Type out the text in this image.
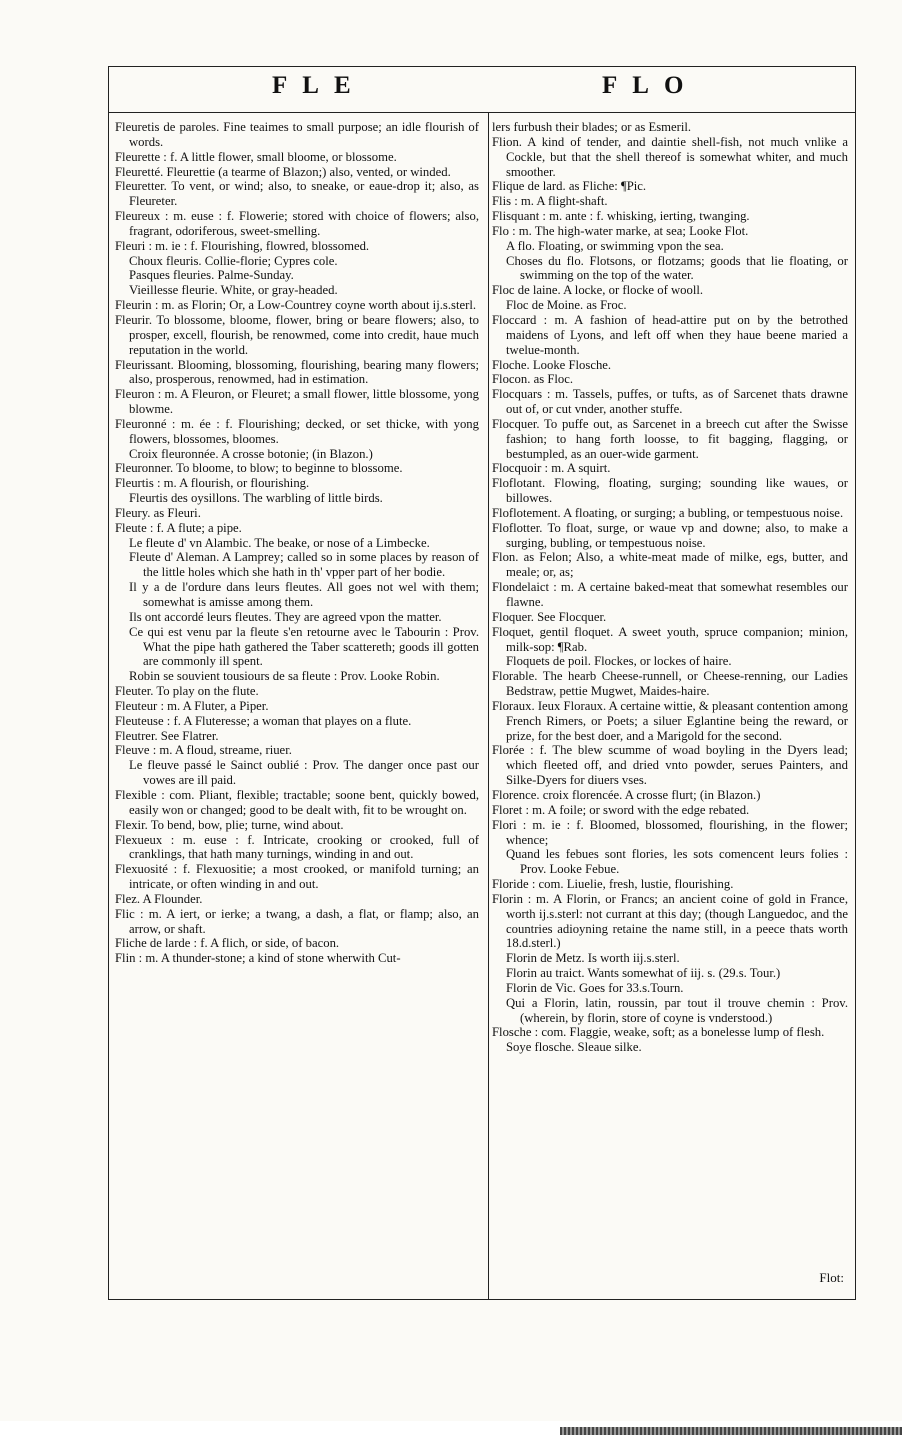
FLE	FLO

Fleuretis de paroles. Fine teaimes to small purpose; an idle flourish of words.

Fleurette : f. A little flower, small bloome, or blossome.

Fleuretté. Fleurettie (a tearme of Blazon;) also, vented, or winded.

Fleuretter. To vent, or wind; also, to sneake, or eaue-drop it; also, as Fleureter.

Fleureux : m. euse : f. Flowerie; stored with choice of flowers; also, fragrant, odoriferous, sweet-smelling.

Fleuri : m. ie : f. Flourishing, flowred, blossomed.

Choux fleuris. Collie-florie; Cypres cole.

Pasques fleuries. Palme-Sunday.

Vieillesse fleurie. White, or gray-headed.

Fleurin : m. as Florin; Or, a Low-Countrey coyne worth about ij.s.sterl.

Fleurir. To blossome, bloome, flower, bring or beare flowers; also, to prosper, excell, flourish, be renowmed, come into credit, haue much reputation in the world.

Fleurissant. Blooming, blossoming, flourishing, bearing many flowers; also, prosperous, renowmed, had in estimation.

Fleuron : m. A Fleuron, or Fleuret; a small flower, little blossome, yong blowme.

Fleuronné : m. ée : f. Flourishing; decked, or set thicke, with yong flowers, blossomes, bloomes.

Croix fleuronnée. A crosse botonie; (in Blazon.)

Fleuronner. To bloome, to blow; to beginne to blossome.

Fleurtis : m. A flourish, or flourishing.

Fleurtis des oysillons. The warbling of little birds.

Fleury. as Fleuri.

Fleute : f. A flute; a pipe.

Le fleute d' vn Alambic. The beake, or nose of a Limbecke.

Fleute d' Aleman. A Lamprey; called so in some places by reason of the little holes which she hath in th' vpper part of her bodie.

Il y a de l'ordure dans leurs fleutes. All goes not wel with them; somewhat is amisse among them.

Ils ont accordé leurs fleutes. They are agreed vpon the matter.

Ce qui est venu par la fleute s'en retourne avec le Tabourin : Prov. What the pipe hath gathered the Taber scattereth; goods ill gotten are commonly ill spent.

Robin se souvient tousiours de sa fleute : Prov. Looke Robin.

Fleuter. To play on the flute.

Fleuteur : m. A Fluter, a Piper.

Fleuteuse : f. A Fluteresse; a woman that playes on a flute.

Fleutrer. See Flatrer.

Fleuve : m. A floud, streame, riuer.

Le fleuve passé le Sainct oublié : Prov. The danger once past our vowes are ill paid.

Flexible : com. Pliant, flexible; tractable; soone bent, quickly bowed, easily won or changed; good to be dealt with, fit to be wrought on.

Flexir. To bend, bow, plie; turne, wind about.

Flexueux : m. euse : f. Intricate, crooking or crooked, full of cranklings, that hath many turnings, winding in and out.

Flexuosité : f. Flexuositie; a most crooked, or manifold turning; an intricate, or often winding in and out.

Flez. A Flounder.

Flic : m. A iert, or ierke; a twang, a dash, a flat, or flamp; also, an arrow, or shaft.

Fliche de larde : f. A flich, or side, of bacon.

Flin : m. A thunder-stone; a kind of stone wherwith Cut-

lers furbush their blades; or as Esmeril.

Flion. A kind of tender, and daintie shell-fish, not much vnlike a Cockle, but that the shell thereof is somewhat whiter, and much smoother.

Flique de lard. as Fliche: ¶Pic.

Flis : m. A flight-shaft.

Flisquant : m. ante : f. whisking, ierting, twanging.

Flo : m. The high-water marke, at sea; Looke Flot.

A flo. Floating, or swimming vpon the sea.

Choses du flo. Flotsons, or flotzams; goods that lie floating, or swimming on the top of the water.

Floc de laine. A locke, or flocke of wooll.

Floc de Moine. as Froc.

Floccard : m. A fashion of head-attire put on by the betrothed maidens of Lyons, and left off when they haue beene maried a twelue-month.

Floche. Looke Flosche.

Flocon. as Floc.

Flocquars : m. Tassels, puffes, or tufts, as of Sarcenet thats drawne out of, or cut vnder, another stuffe.

Flocquer. To puffe out, as Sarcenet in a breech cut after the Swisse fashion; to hang forth loosse, to fit bagging, flagging, or bestumpled, as an ouer-wide garment.

Flocquoir : m. A squirt.

Floflotant. Flowing, floating, surging; sounding like waues, or billowes.

Floflotement. A floating, or surging; a bubling, or tempestuous noise.

Floflotter. To float, surge, or waue vp and downe; also, to make a surging, bubling, or tempestuous noise.

Flon. as Felon; Also, a white-meat made of milke, egs, butter, and meale; or, as;

Flondelaict : m. A certaine baked-meat that somewhat resembles our flawne.

Floquer. See Flocquer.

Floquet, gentil floquet. A sweet youth, spruce companion; minion, milk-sop: ¶Rab.

Floquets de poil. Flockes, or lockes of haire.

Florable. The hearb Cheese-runnell, or Cheese-renning, our Ladies Bedstraw, pettie Mugwet, Maides-haire.

Floraux. Ieux Floraux. A certaine wittie, & pleasant contention among French Rimers, or Poets; a siluer Eglantine being the reward, or prize, for the best doer, and a Marigold for the second.

Florée : f. The blew scumme of woad boyling in the Dyers lead; which fleeted off, and dried vnto powder, serues Painters, and Silke-Dyers for diuers vses.

Florence. croix florencée. A crosse flurt; (in Blazon.)

Floret : m. A foile; or sword with the edge rebated.

Flori : m. ie : f. Bloomed, blossomed, flourishing, in the flower; whence;

Quand les febues sont flories, les sots comencent leurs folies : Prov. Looke Febue.

Floride : com. Liuelie, fresh, lustie, flourishing.

Florin : m. A Florin, or Francs; an ancient coine of gold in France, worth ij.s.sterl: not currant at this day; (though Languedoc, and the countries adioyning retaine the name still, in a peece thats worth 18.d.sterl.)

Florin de Metz. Is worth iij.s.sterl.

Florin au traict. Wants somewhat of iij. s. (29.s. Tour.)

Florin de Vic. Goes for 33.s.Tourn.

Qui a Florin, latin, roussin, par tout il trouve chemin : Prov. (wherein, by florin, store of coyne is vnderstood.)

Flosche : com. Flaggie, weake, soft; as a bonelesse lump of flesh.

Soye flosche. Sleaue silke.

Flot:
